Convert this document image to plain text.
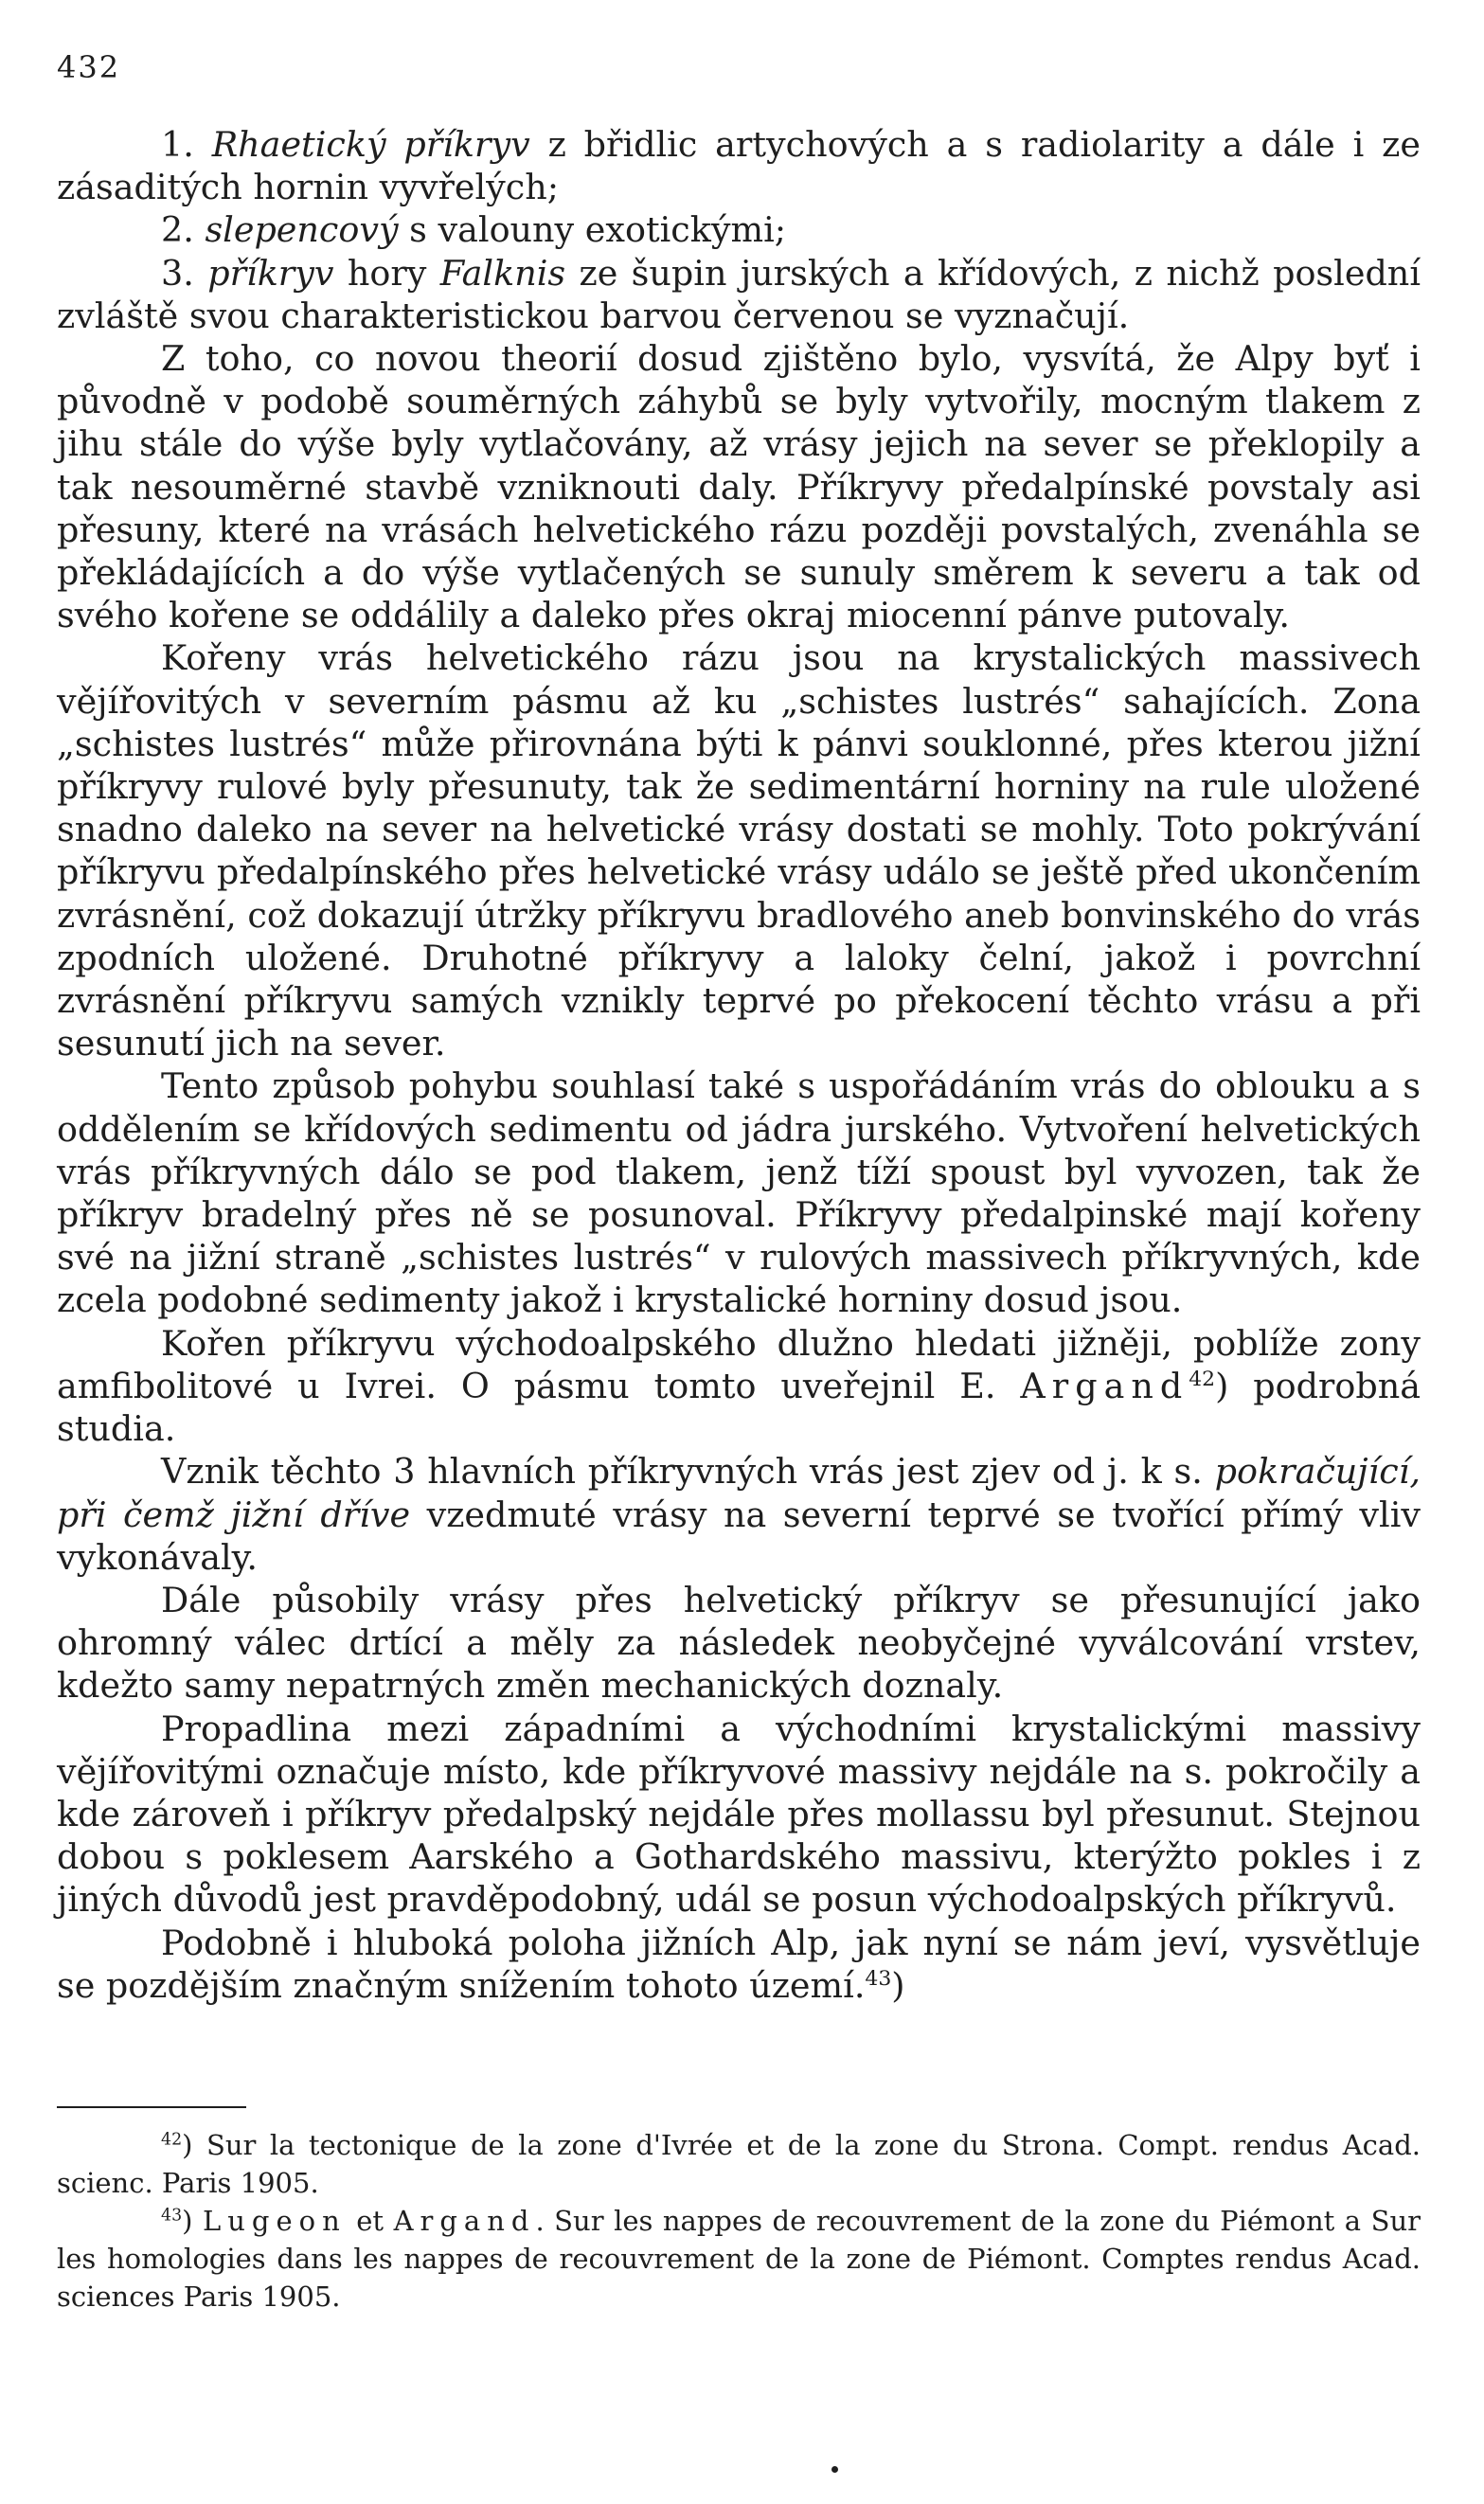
432

1. Rhaetický příkryv z břidlic artychových a s radiolarity a dále i ze zásaditých hornin vyvřelých;

2. slepencový s valouny exotickými;

3. příkryv hory Falknis ze šupin jurských a křídových, z nichž poslední zvláště svou charakteristickou barvou červenou se vyznačují.

Z toho, co novou theorií dosud zjištěno bylo, vysvítá, že Alpy byť i původně v podobě souměrných záhybů se byly vytvořily, mocným tlakem z jihu stále do výše byly vytlačovány, až vrásy jejich na sever se překlopily a tak nesouměrné stavbě vzniknouti daly. Příkryvy předalpínské povstaly asi přesuny, které na vrásách helvetického rázu později povstalých, zvenáhla se překládajících a do výše vytlačených se sunuly směrem k severu a tak od svého kořene se oddálily a daleko přes okraj miocenní pánve putovaly.

Kořeny vrás helvetického rázu jsou na krystalických massivech vějířovitých v severním pásmu až ku „schistes lustrés“ sahajících. Zona „schistes lustrés“ může přirovnána býti k pánvi souklonné, přes kterou jižní příkryvy rulové byly přesunuty, tak že sedimentární horniny na rule uložené snadno daleko na sever na helvetické vrásy dostati se mohly. Toto pokrývání příkryvu předalpínského přes helvetické vrásy událo se ještě před ukončením zvrásnění, což dokazují útržky příkryvu bradlového aneb bonvinského do vrás zpodních uložené. Druhotné příkryvy a laloky čelní, jakož i povrchní zvrásnění příkryvu samých vznikly teprvé po překocení těchto vrásu a při sesunutí jich na sever.

Tento způsob pohybu souhlasí také s uspořádáním vrás do oblouku a s oddělením se křídových sedimentu od jádra jurského. Vytvoření helvetických vrás příkryvných dálo se pod tlakem, jenž tíží spoust byl vyvozen, tak že příkryv bradelný přes ně se posunoval. Příkryvy předalpinské mají kořeny své na jižní straně „schistes lustrés“ v rulových massivech příkryvných, kde zcela podobné sedimenty jakož i krystalické horniny dosud jsou.

Kořen příkryvu východoalpského dlužno hledati jižněji, poblíže zony amfibolitové u Ivrei. O pásmu tomto uveřejnil E. Argand$^{42}$) podrobná studia.

Vznik těchto 3 hlavních příkryvných vrás jest zjev od j. k s. pokračující, při čemž jižní dříve vzedmuté vrásy na severní teprvé se tvořící přímý vliv vykonávaly.

Dále působily vrásy přes helvetický příkryv se přesunující jako ohromný válec drtící a měly za následek neobyčejné vyválcování vrstev, kdežto samy nepatrných změn mechanických doznaly.

Propadlina mezi západními a východními krystalickými massivy vějířovitými označuje místo, kde příkryvové massivy nejdále na s. pokročily a kde zároveň i příkryv předalpský nejdále přes mollassu byl přesunut. Stejnou dobou s poklesem Aarského a Gothardského massivu, kterýžto pokles i z jiných důvodů jest pravděpodobný, udál se posun východoalpských příkryvů.

Podobně i hluboká poloha jižních Alp, jak nyní se nám jeví, vysvětluje se pozdějším značným snížením tohoto území.$^{43}$)

$^{42}$) Sur la tectonique de la zone d'Ivrée et de la zone du Strona. Compt. rendus Acad. scienc. Paris 1905.

$^{43}$) Lugeon et Argand. Sur les nappes de recouvrement de la zone du Piémont a Sur les homologies dans les nappes de recouvrement de la zone de Piémont. Comptes rendus Acad. sciences Paris 1905.
